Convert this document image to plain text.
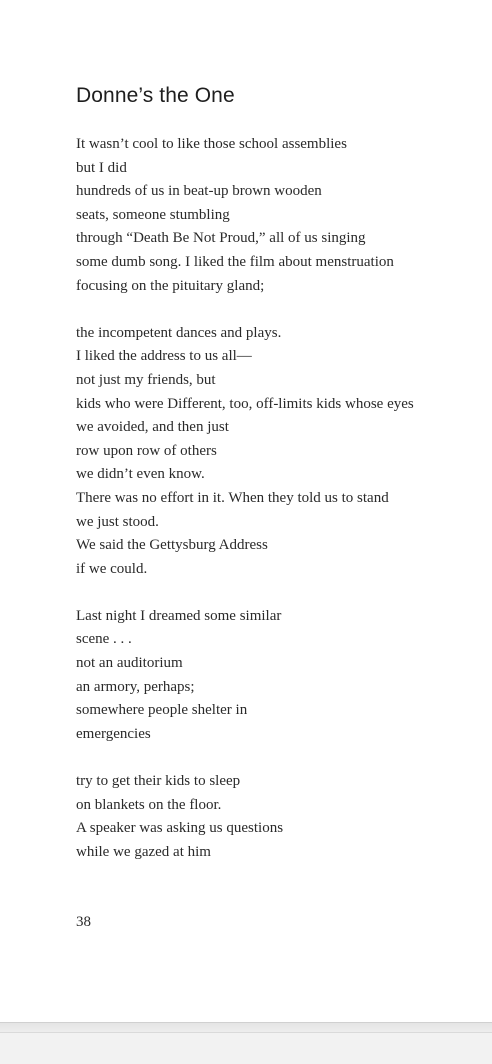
Donne’s the One
It wasn’t cool to like those school assemblies
but I did
hundreds of us in beat-up brown wooden
seats, someone stumbling
through “Death Be Not Proud,” all of us singing
some dumb song. I liked the film about menstruation
focusing on the pituitary gland;
the incompetent dances and plays.
I liked the address to us all—
not just my friends, but
kids who were Different, too, off-limits kids whose eyes
we avoided, and then just
row upon row of others
we didn’t even know.
There was no effort in it. When they told us to stand
we just stood.
We said the Gettysburg Address
if we could.
Last night I dreamed some similar
scene . . .
not an auditorium
an armory, perhaps;
somewhere people shelter in
emergencies
try to get their kids to sleep
on blankets on the floor.
A speaker was asking us questions
while we gazed at him
38
